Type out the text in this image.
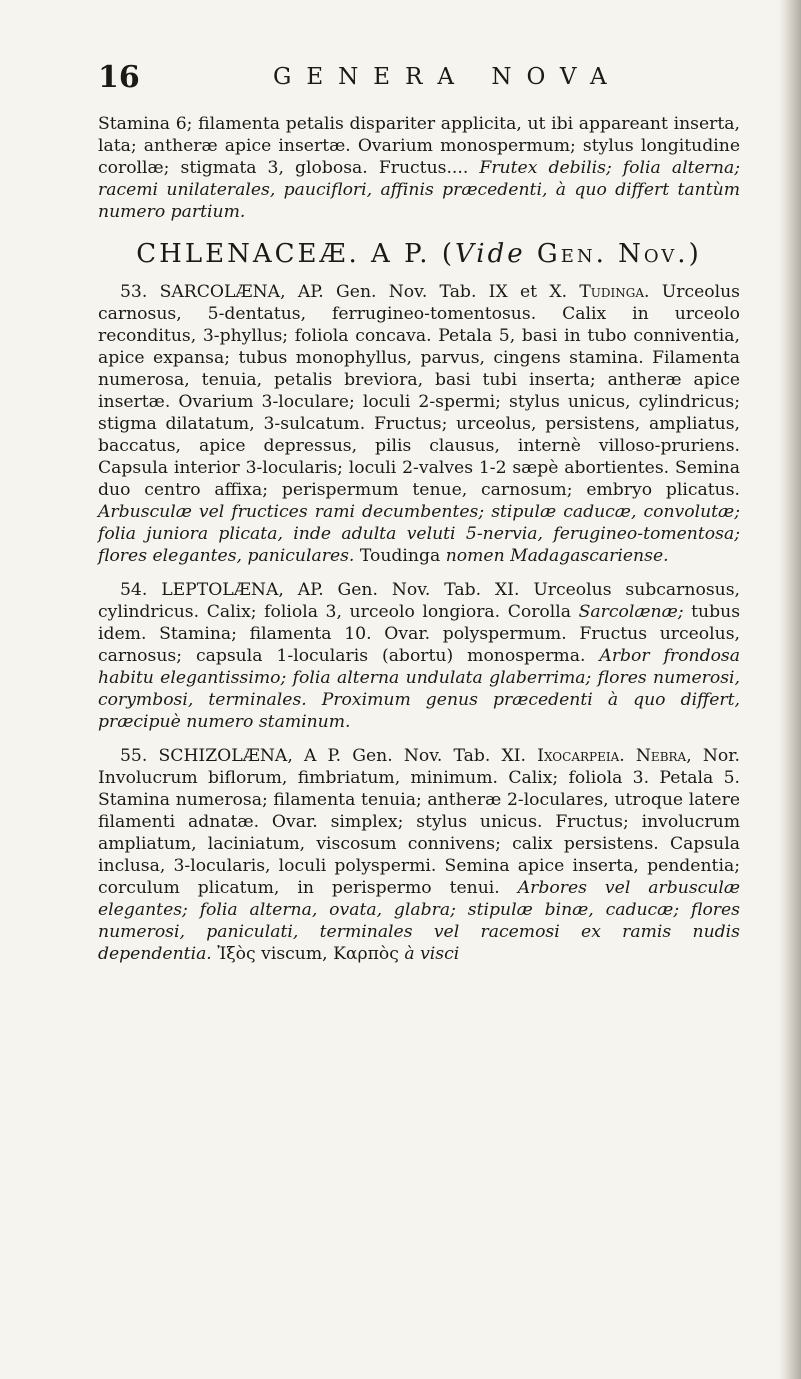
16	GENERA NOVA

Stamina 6; filamenta petalis dispariter applicita, ut ibi appareant inserta, lata; antheræ apice insertæ. Ovarium monospermum; stylus longitudine corollæ; stigmata 3, globosa. Fructus.... Frutex debilis; folia alterna; racemi unilaterales, pauciflori, affinis præcedenti, à quo differt tantùm numero partium.

CHLENACEÆ. A P. (Vide Gen. Nov.)

53. SARCOLÆNA, AP. Gen. Nov. Tab. IX et X. Tudinga. Urceolus carnosus, 5-dentatus, ferrugineo-tomentosus. Calix in urceolo reconditus, 3-phyllus; foliola concava. Petala 5, basi in tubo conniventia, apice expansa; tubus monophyllus, parvus, cingens stamina. Filamenta numerosa, tenuia, petalis breviora, basi tubi inserta; antheræ apice insertæ. Ovarium 3-loculare; loculi 2-spermi; stylus unicus, cylindricus; stigma dilatatum, 3-sulcatum. Fructus; urceolus, persistens, ampliatus, baccatus, apice depressus, pilis clausus, internè villoso-pruriens. Capsula interior 3-locularis; loculi 2-valves 1-2 sæpè abortientes. Semina duo centro affixa; perispermum tenue, carnosum; embryo plicatus. Arbusculæ vel fructices rami decumbentes; stipulæ caducæ, convolutæ; folia juniora plicata, inde adulta veluti 5-nervia, ferugineo-tomentosa; flores elegantes, paniculares. Toudinga nomen Madagascariense.

54. LEPTOLÆNA, AP. Gen. Nov. Tab. XI. Urceolus subcarnosus, cylindricus. Calix; foliola 3, urceolo longiora. Corolla Sarcolænæ; tubus idem. Stamina; filamenta 10. Ovar. polyspermum. Fructus urceolus, carnosus; capsula 1-locularis (abortu) monosperma. Arbor frondosa habitu elegantissimo; folia alterna undulata glaberrima; flores numerosi, corymbosi, terminales. Proximum genus præcedenti à quo differt, præcipuè numero staminum.

55. SCHIZOLÆNA, A P. Gen. Nov. Tab. XI. Ixocarpeia. Nebra, Nor. Involucrum biflorum, fimbriatum, minimum. Calix; foliola 3. Petala 5. Stamina numerosa; filamenta tenuia; antheræ 2-loculares, utroque latere filamenti adnatæ. Ovar. simplex; stylus unicus. Fructus; involucrum ampliatum, laciniatum, viscosum connivens; calix persistens. Capsula inclusa, 3-locularis, loculi polyspermi. Semina apice inserta, pendentia; corculum plicatum, in perispermo tenui. Arbores vel arbusculæ elegantes; folia alterna, ovata, glabra; stipulæ binæ, caducæ; flores numerosi, paniculati, terminales vel racemosi ex ramis nudis dependentia. Ἰξὸς viscum, Καρπὸς à visci
